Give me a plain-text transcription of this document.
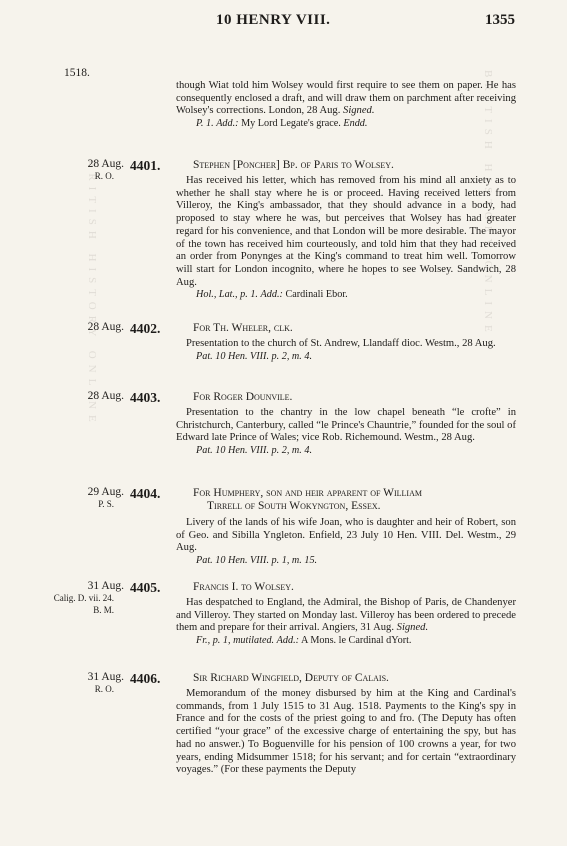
BRITISH HISTORY ONLINE	BRITISH HISTORY ONLINE
10 HENRY VIII.	1355
1518.

though Wiat told him Wolsey would first require to see them on paper. He has consequently enclosed a draft, and will draw them on parchment after receiving Wolsey's corrections. London, 28 Aug. Signed.

P. 1. Add.: My Lord Legate's grace. Endd.

28 Aug.
R. O.
4401.	Stephen [Poncher] Bp. of Paris to Wolsey.

Has received his letter, which has removed from his mind all anxiety as to whether he shall stay where he is or proceed. Having received letters from Villeroy, the King's ambassador, that they should advance in a body, had proposed to stay where he was, but perceives that Wolsey has had greater regard for his convenience, and that London will be more desirable. The mayor of the town has received him courteously, and told him that they had received an order from Ponynges at the King's command to treat him well. Tomorrow will start for London incognito, where he hopes to see Wolsey. Sandwich, 28 Aug.

Hol., Lat., p. 1. Add.: Cardinali Ebor.

28 Aug. 4402.	For Th. Wheler, clk.

Presentation to the church of St. Andrew, Llandaff dioc. Westm., 28 Aug.

Pat. 10 Hen. VIII. p. 2, m. 4.

28 Aug. 4403.	For Roger Dounvile.

Presentation to the chantry in the low chapel beneath “le crofte” in Christchurch, Canterbury, called “le Prince's Chauntrie,” founded for the soul of Edward late Prince of Wales; vice Rob. Richemound. Westm., 28 Aug.

Pat. 10 Hen. VIII. p. 2, m. 4.

29 Aug.
P. S.
4404.	For Humphery, son and heir apparent of William
Tirrell of South Wokyngton, Essex.

Livery of the lands of his wife Joan, who is daughter and heir of Robert, son of Geo. and Sibilla Yngleton. Enfield, 23 July 10 Hen. VIII. Del. Westm., 29 Aug.

Pat. 10 Hen. VIII. p. 1, m. 15.

31 Aug.
Calig. D. vii. 24.
B. M.
4405.	Francis I. to Wolsey.

Has despatched to England, the Admiral, the Bishop of Paris, de Chandenyer and Villeroy. They started on Monday last. Villeroy has been ordered to precede them and prepare for their arrival. Angiers, 31 Aug. Signed.

Fr., p. 1, mutilated. Add.: A Mons. le Cardinal dYort.

31 Aug.
R. O.
4406.	Sir Richard Wingfield, Deputy of Calais.

Memorandum of the money disbursed by him at the King and Cardinal's commands, from 1 July 1515 to 31 Aug. 1518. Payments to the King's spy in France and for the costs of the priest going to and fro. (The Deputy has often certified “your grace” of the excessive charge of entertaining the spy, but has had no answer.) To Boguenville for his pension of 100 crowns a year, for two years, ending Midsummer 1518; for his servant; and for certain “extraordinary voyages.” (For these payments the Deputy
